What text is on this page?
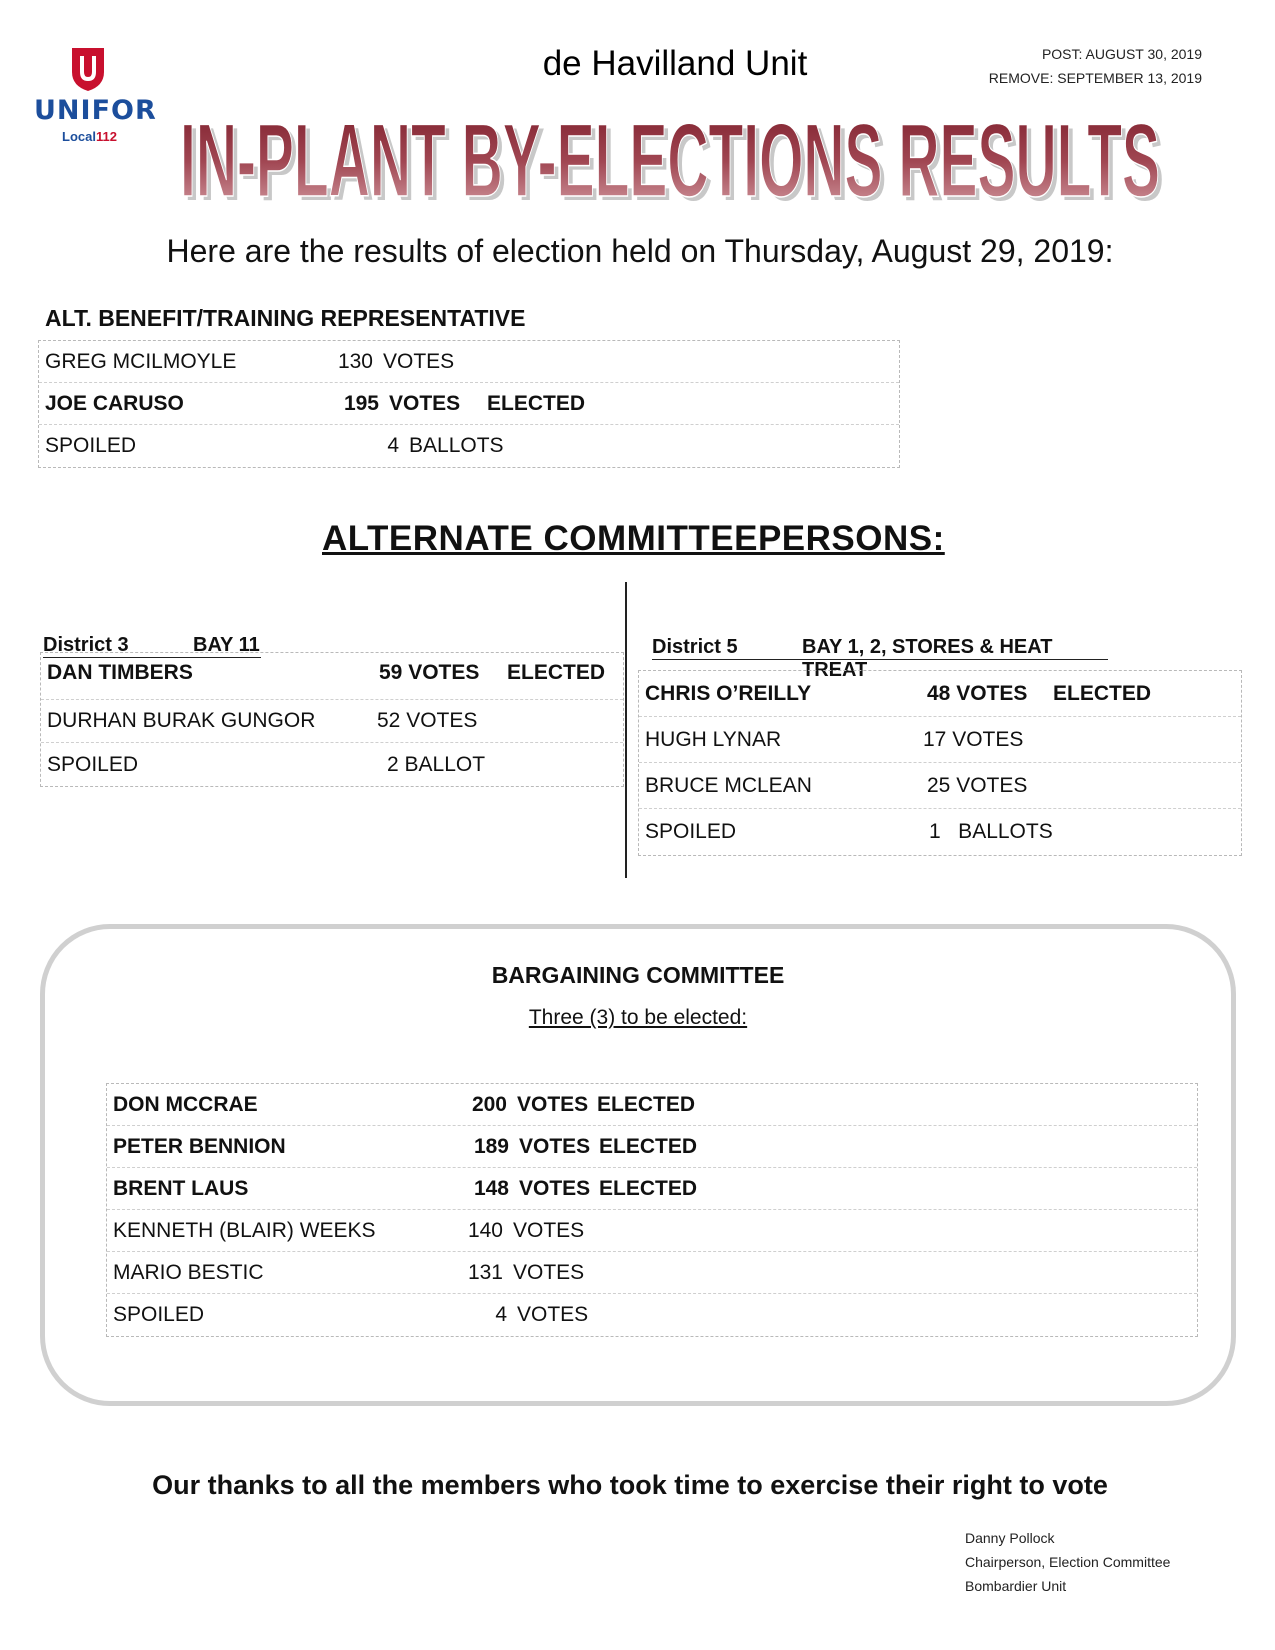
UNIFOR
Local112
de Havilland Unit	POST: AUGUST 30, 2019
REMOVE: SEPTEMBER 13, 2019
IN-PLANT BY-ELECTIONS RESULTS
IN-PLANT BY-ELECTIONS RESULTS
Here are the results of election held on Thursday, August 29, 2019:
ALT. BENEFIT/TRAINING REPRESENTATIVE
GREG MCILMOYLE	130 VOTES
JOE CARUSO	195 VOTES ELECTED
SPOILED	4 BALLOTS
ALTERNATE COMMITTEEPERSONS:
District 3	BAY 11
DAN TIMBERS	59 VOTES ELECTED
DURHAN BURAK GUNGOR	52 VOTES
SPOILED	2 BALLOT
District 5	BAY 1, 2, STORES & HEAT TREAT
CHRIS O’REILLY	48 VOTES ELECTED
HUGH LYNAR	17 VOTES
BRUCE MCLEAN	25 VOTES
SPOILED	1   BALLOTS
BARGAINING COMMITTEE
Three (3) to be elected:
DON MCCRAE	200 VOTES ELECTED
PETER BENNION	189 VOTES ELECTED
BRENT LAUS	148 VOTES ELECTED
KENNETH (BLAIR) WEEKS	140 VOTES
MARIO BESTIC	131 VOTES
SPOILED	4 VOTES
Our thanks to all the members who took time to exercise their right to vote
Danny Pollock
Chairperson, Election Committee
Bombardier Unit
